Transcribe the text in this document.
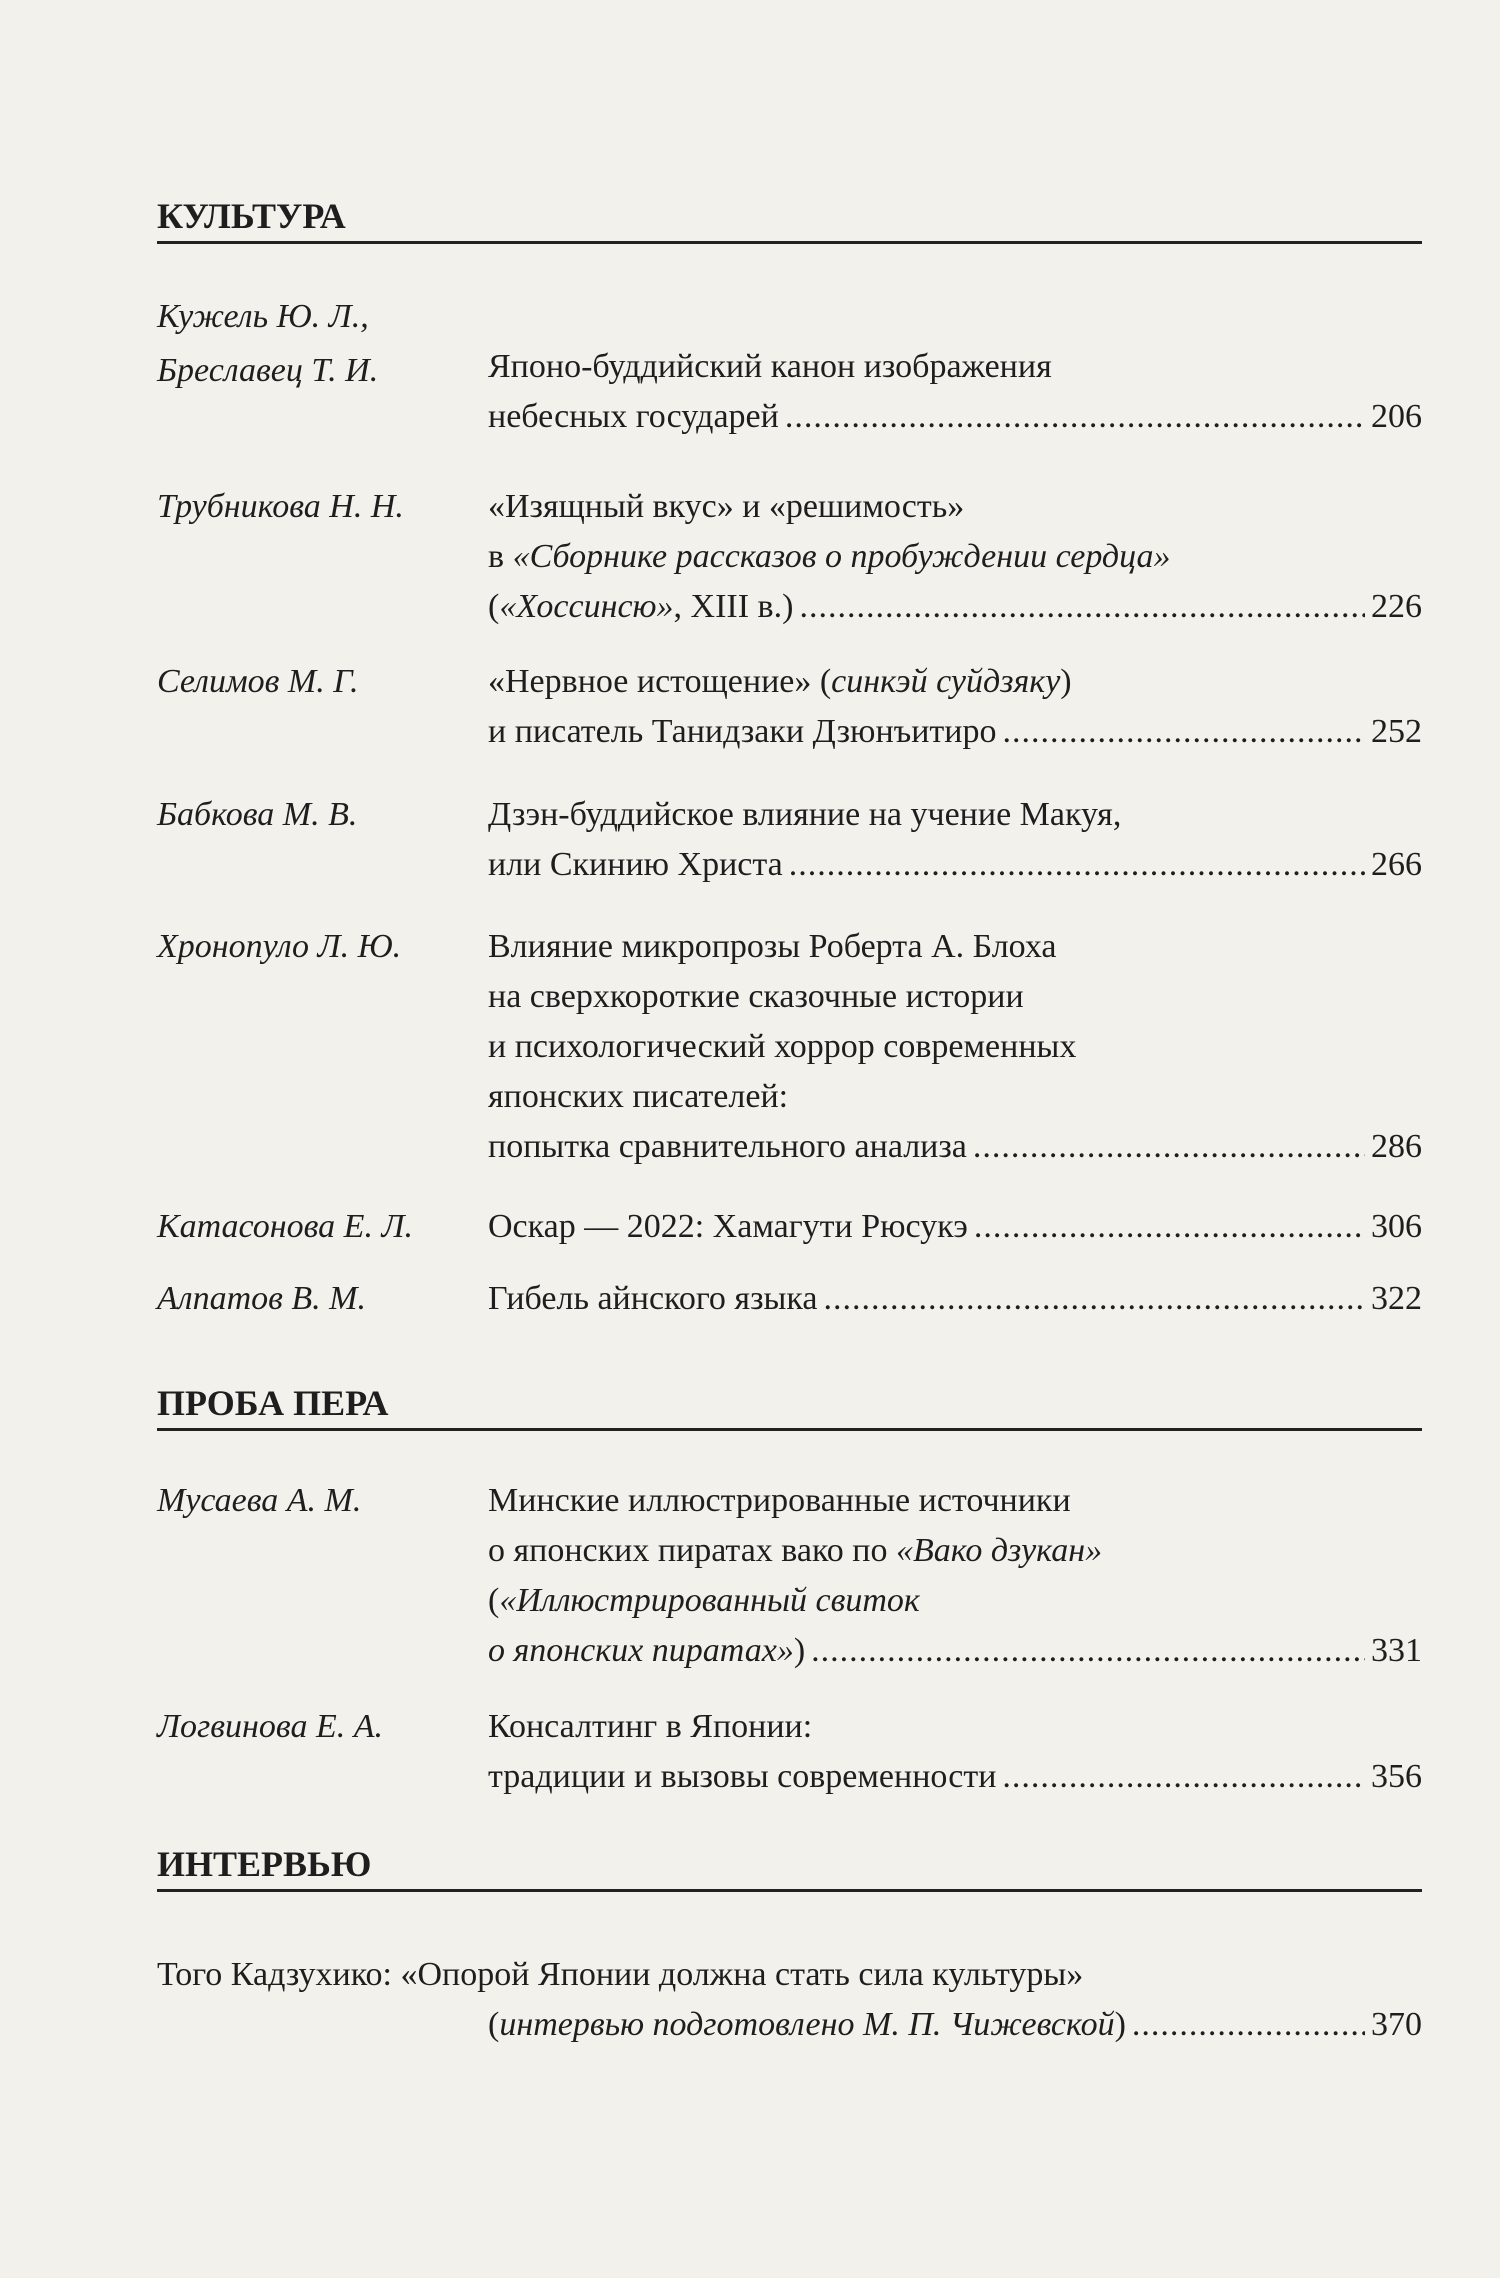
КУЛЬТУРА
Кужель Ю. Л.,
Бреславец Т. И.	Японо-буддийский канон изображения
небесных государей .....	206
Трубникова Н. Н.	«Изящный вкус» и «решимость»
в «Сборнике рассказов о пробуждении сердца»
(«Хоссинсю», XIII в.) .....	226
Селимов М. Г.	«Нервное истощение» (синкэй суйдзяку)
и писатель Танидзаки Дзюнъитиро .....	252
Бабкова М. В.	Дзэн-буддийское влияние на учение Макуя,
или Скинию Христа .....	266
Хронопуло Л. Ю.	Влияние микропрозы Роберта А. Блоха
на сверхкороткие сказочные истории
и психологический хоррор современных
японских писателей:
попытка сравнительного анализа .....	286
Катасонова Е. Л.	Оскар — 2022: Хамагути Рюсукэ .....	306
Алпатов В. М.	Гибель айнского языка .....	322
ПРОБА ПЕРА
Мусаева А. М.	Минские иллюстрированные источники
о японских пиратах вако по «Вако дзукан»
(«Иллюстрированный свиток
о японских пиратах») .....	331
Логвинова Е. А.	Консалтинг в Японии:
традиции и вызовы современности .....	356
ИНТЕРВЬЮ
Того Кадзухико: «Опорой Японии должна стать сила культуры»
(интервью подготовлено М. П. Чижевской) .....	370
